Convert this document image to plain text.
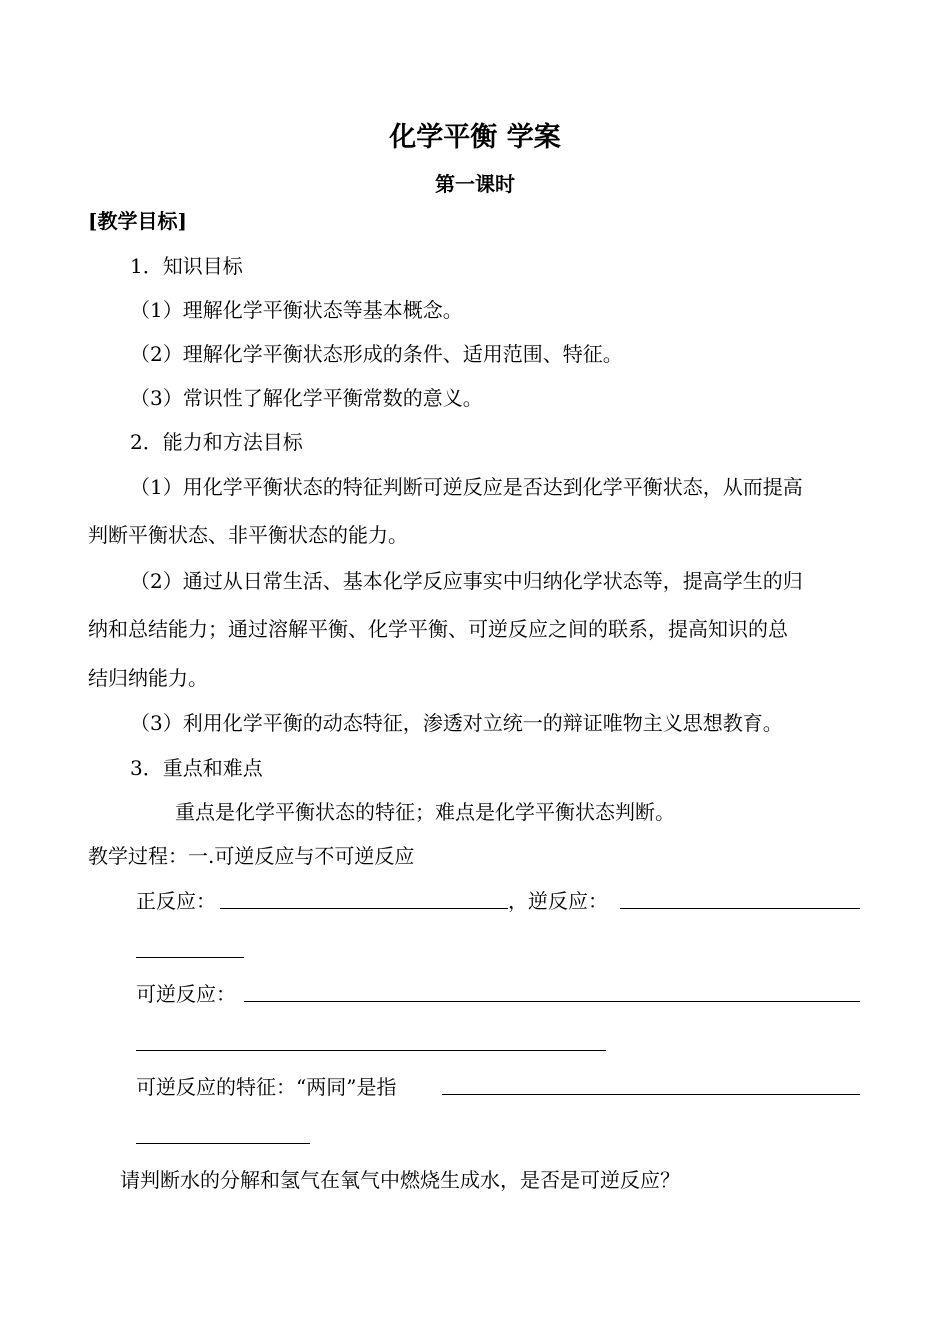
化学平衡 学案
第一课时
[教学目标]
1．知识目标
（1）理解化学平衡状态等基本概念。
（2）理解化学平衡状态形成的条件、适用范围、特征。
（3）常识性了解化学平衡常数的意义。
2．能力和方法目标
（1）用化学平衡状态的特征判断可逆反应是否达到化学平衡状态，从而提高
判断平衡状态、非平衡状态的能力。
（2）通过从日常生活、基本化学反应事实中归纳化学状态等，提高学生的归
纳和总结能力；通过溶解平衡、化学平衡、可逆反应之间的联系，提高知识的总
结归纳能力。
（3）利用化学平衡的动态特征，渗透对立统一的辩证唯物主义思想教育。
3．重点和难点
重点是化学平衡状态的特征；难点是化学平衡状态判断。
教学过程：一.可逆反应与不可逆反应
正反应：	，逆反应：
可逆反应：
可逆反应的特征：“两同”是指
请判断水的分解和氢气在氧气中燃烧生成水，是否是可逆反应？
